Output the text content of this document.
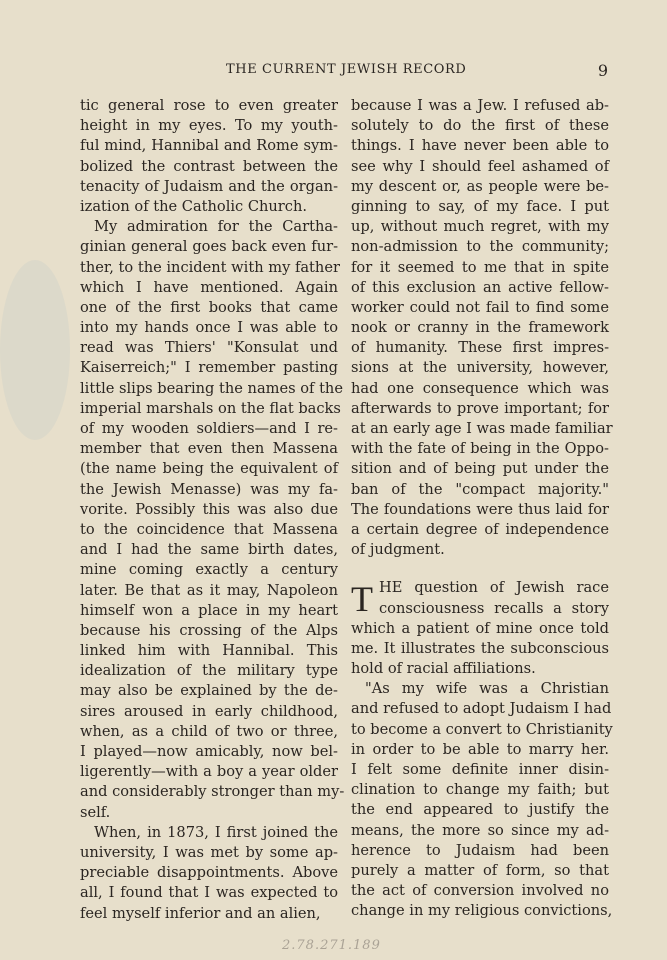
THE CURRENT JEWISH RECORD	9
tic general rose to even greater
height in my eyes. To my youth-
ful mind, Hannibal and Rome sym-
bolized the contrast between the
tenacity of Judaism and the organ-
ization of the Catholic Church.
My admiration for the Cartha-
ginian general goes back even fur-
ther, to the incident with my father
which I have mentioned. Again
one of the first books that came
into my hands once I was able to
read was Thiers' "Konsulat und
Kaiserreich;" I remember pasting
little slips bearing the names of the
imperial marshals on the flat backs
of my wooden soldiers—and I re-
member that even then Massena
(the name being the equivalent of
the Jewish Menasse) was my fa-
vorite. Possibly this was also due
to the coincidence that Massena
and I had the same birth dates,
mine coming exactly a century
later. Be that as it may, Napoleon
himself won a place in my heart
because his crossing of the Alps
linked him with Hannibal. This
idealization of the military type
may also be explained by the de-
sires aroused in early childhood,
when, as a child of two or three,
I played—now amicably, now bel-
ligerently—with a boy a year older
and considerably stronger than my-
self.
When, in 1873, I first joined the
university, I was met by some ap-
preciable disappointments. Above
all, I found that I was expected to
feel myself inferior and an alien,
because I was a Jew. I refused ab-
solutely to do the first of these
things. I have never been able to
see why I should feel ashamed of
my descent or, as people were be-
ginning to say, of my face. I put
up, without much regret, with my
non-admission to the community;
for it seemed to me that in spite
of this exclusion an active fellow-
worker could not fail to find some
nook or cranny in the framework
of humanity. These first impres-
sions at the university, however,
had one consequence which was
afterwards to prove important; for
at an early age I was made familiar
with the fate of being in the Oppo-
sition and of being put under the
ban of the "compact majority."
The foundations were thus laid for
a certain degree of independence
of judgment.
T HE question of Jewish race
consciousness recalls a story
which a patient of mine once told
me. It illustrates the subconscious
hold of racial affiliations.
"As my wife was a Christian
and refused to adopt Judaism I had
to become a convert to Christianity
in order to be able to marry her.
I felt some definite inner disin-
clination to change my faith; but
the end appeared to justify the
means, the more so since my ad-
herence to Judaism had been
purely a matter of form, so that
the act of conversion involved no
change in my religious convictions,
2.78.271.189
